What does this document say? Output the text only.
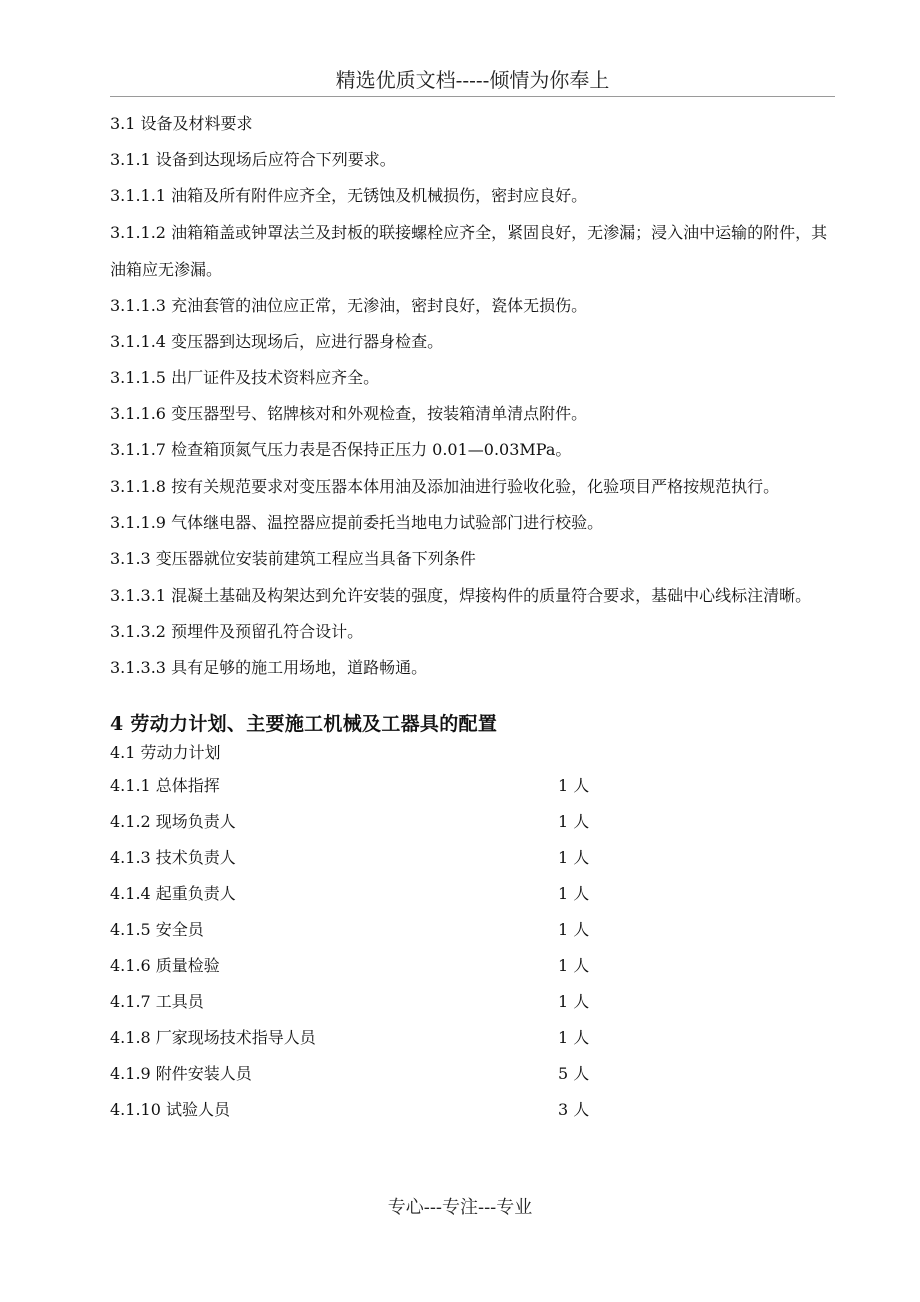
精选优质文档-----倾情为你奉上

3.1 设备及材料要求

3.1.1 设备到达现场后应符合下列要求。

3.1.1.1 油箱及所有附件应齐全，无锈蚀及机械损伤，密封应良好。

3.1.1.2 油箱箱盖或钟罩法兰及封板的联接螺栓应齐全，紧固良好，无渗漏；浸入油中运输的附件，其油箱应无渗漏。

3.1.1.3 充油套管的油位应正常，无渗油，密封良好，瓷体无损伤。

3.1.1.4 变压器到达现场后，应进行器身检查。

3.1.1.5 出厂证件及技术资料应齐全。

3.1.1.6 变压器型号、铭牌核对和外观检查，按装箱清单清点附件。

3.1.1.7 检查箱顶氮气压力表是否保持正压力 0.01—0.03MPa。

3.1.1.8 按有关规范要求对变压器本体用油及添加油进行验收化验，化验项目严格按规范执行。

3.1.1.9 气体继电器、温控器应提前委托当地电力试验部门进行校验。

3.1.3 变压器就位安装前建筑工程应当具备下列条件

3.1.3.1 混凝土基础及构架达到允许安装的强度，焊接构件的质量符合要求，基础中心线标注清晰。

3.1.3.2 预埋件及预留孔符合设计。

3.1.3.3 具有足够的施工用场地，道路畅通。

4 劳动力计划、主要施工机械及工器具的配置

4.1 劳动力计划

4.1.1 总体指挥	1 人
4.1.2 现场负责人	1 人
4.1.3 技术负责人	1 人
4.1.4 起重负责人	1 人
4.1.5 安全员	1 人
4.1.6 质量检验	1 人
4.1.7 工具员	1 人
4.1.8 厂家现场技术指导人员	1 人
4.1.9 附件安装人员	5 人
4.1.10 试验人员	3 人
专心---专注---专业
